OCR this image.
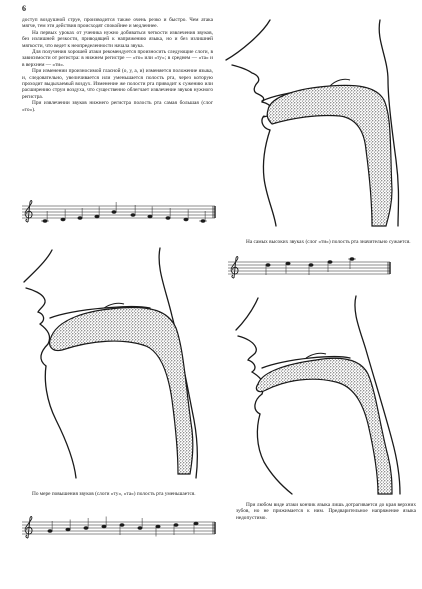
6

доступ воздушной струе, производится также очень резко и быстро. Чем атака мягче, тем эти действия происходят спокойнее и медленнее.

На первых уроках от ученика нужно добиваться четкости извлечения звуков, без излишней резкости, приводящей к напряжению языка, но и без излишней мягкости, что ведет к неопределенности начала звука.

Для получения хорошей атаки рекомендуется произносить следующие слоги, в зависимости от регистра: в нижнем регистре — «то» или «ту»; в среднем — «та» и в верхнем — «ти».

При изменении произносимой гласной (о, у, а, и) изменяется положение языка, и, следовательно, увеличивается или уменьшается полость рта, через которую проходит выдыхаемый воздух. Изменение же полости рта приводит к сужению или расширению струи воздуха, что существенно облегчает извлечение звуков нужного регистра.

При извлечении звуков нижнего регистра полость рта самая большая (слог «то»).

На самых высоких звуках (слог «ти») полость рта значительно сужается.

По мере повышения звуков (слоги «ту», «та») полость рта уменьшается.

При любом виде атаки кончик языка лишь дотрагивается до края верхних зубов, но не прижимается к ним. Предварительное напряжение языка недопустимо.
